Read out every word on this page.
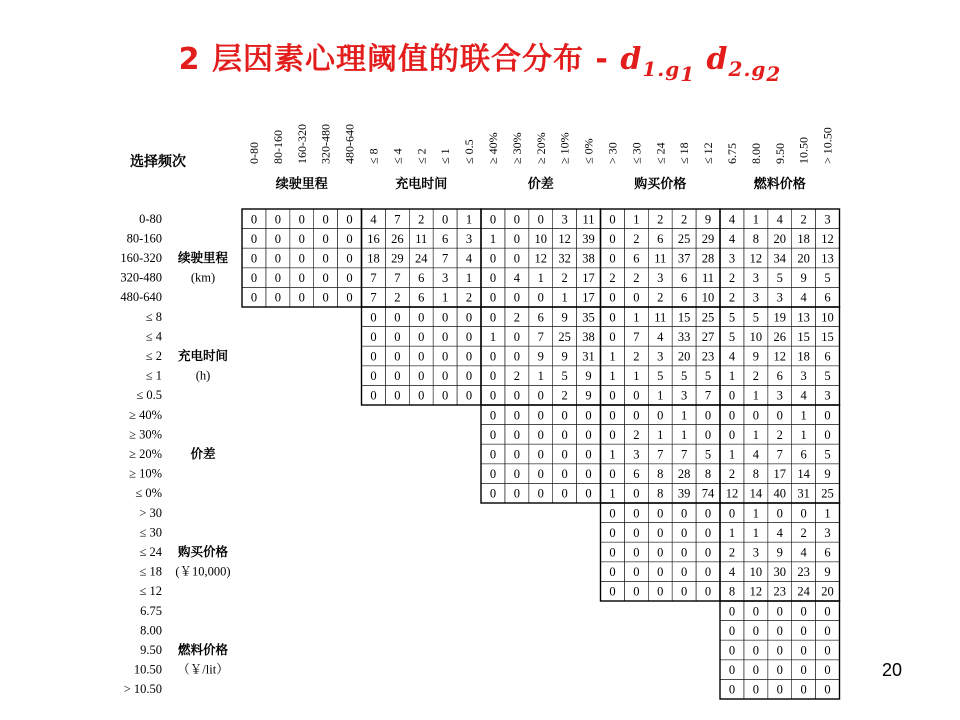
2 层因素心理阈值的联合分布 - $d_{1.g_1}$ $d_{2.g_2}$
选择频次	0-80 80-160 160-320 320-480 480-640
续驶里程
≤ 8 ≤ 4 ≤ 2 ≤ 1 ≤ 0.5
充电时间
≥ 40% ≥ 30% ≥ 20% ≥ 10% ≤ 0%
价差
> 30 ≤ 30 ≤ 24 ≤ 18 ≤ 12
购买价格
6.75 8.00 9.50 10.50 > 10.50
燃料价格
0-80
80-160
160-320
320-480
480-640
续驶里程
(km)
≤ 8
≤ 4
≤ 2
≤ 1
≤ 0.5
充电时间
(h)
≥ 40%
≥ 30%
≥ 20%
≥ 10%
≤ 0%
价差
> 30
≤ 30
≤ 24
≤ 18
≤ 12
购买价格
(￥10,000)
6.75
8.00
9.50
10.50
> 10.50
燃料价格
（￥/lit）
0 0 0 0 0 4 7 2 0 1 0 0 0 3 11 0 1 2 2 9 4 1 4 2 3
0 0 0 0 0 16 26 11 6 3 1 0 10 12 39 0 2 6 25 29 4 8 20 18 12
0 0 0 0 0 18 29 24 7 4 0 0 12 32 38 0 6 11 37 28 3 12 34 20 13
0 0 0 0 0 7 7 6 3 1 0 4 1 2 17 2 2 3 6 11 2 3 5 9 5
0 0 0 0 0 7 2 6 1 2 0 0 0 1 17 0 0 2 6 10 2 3 3 4 6
0 0 0 0 0 0 2 6 9 35 0 1 11 15 25 5 5 19 13 10
0 0 0 0 0 1 0 7 25 38 0 7 4 33 27 5 10 26 15 15
0 0 0 0 0 0 0 9 9 31 1 2 3 20 23 4 9 12 18 6
0 0 0 0 0 0 2 1 5 9 1 1 5 5 5 1 2 6 3 5
0 0 0 0 0 0 0 0 2 9 0 0 1 3 7 0 1 3 4 3
0 0 0 0 0 0 0 0 1 0 0 0 0 1 0
0 0 0 0 0 0 2 1 1 0 0 1 2 1 0
0 0 0 0 0 1 3 7 7 5 1 4 7 6 5
0 0 0 0 0 0 6 8 28 8 2 8 17 14 9
0 0 0 0 0 1 0 8 39 74 12 14 40 31 25
0 0 0 0 0 0 1 0 0 1
0 0 0 0 0 1 1 4 2 3
0 0 0 0 0 2 3 9 4 6
0 0 0 0 0 4 10 30 23 9
0 0 0 0 0 8 12 23 24 20
0 0 0 0 0
0 0 0 0 0
0 0 0 0 0
0 0 0 0 0
0 0 0 0 0
20
